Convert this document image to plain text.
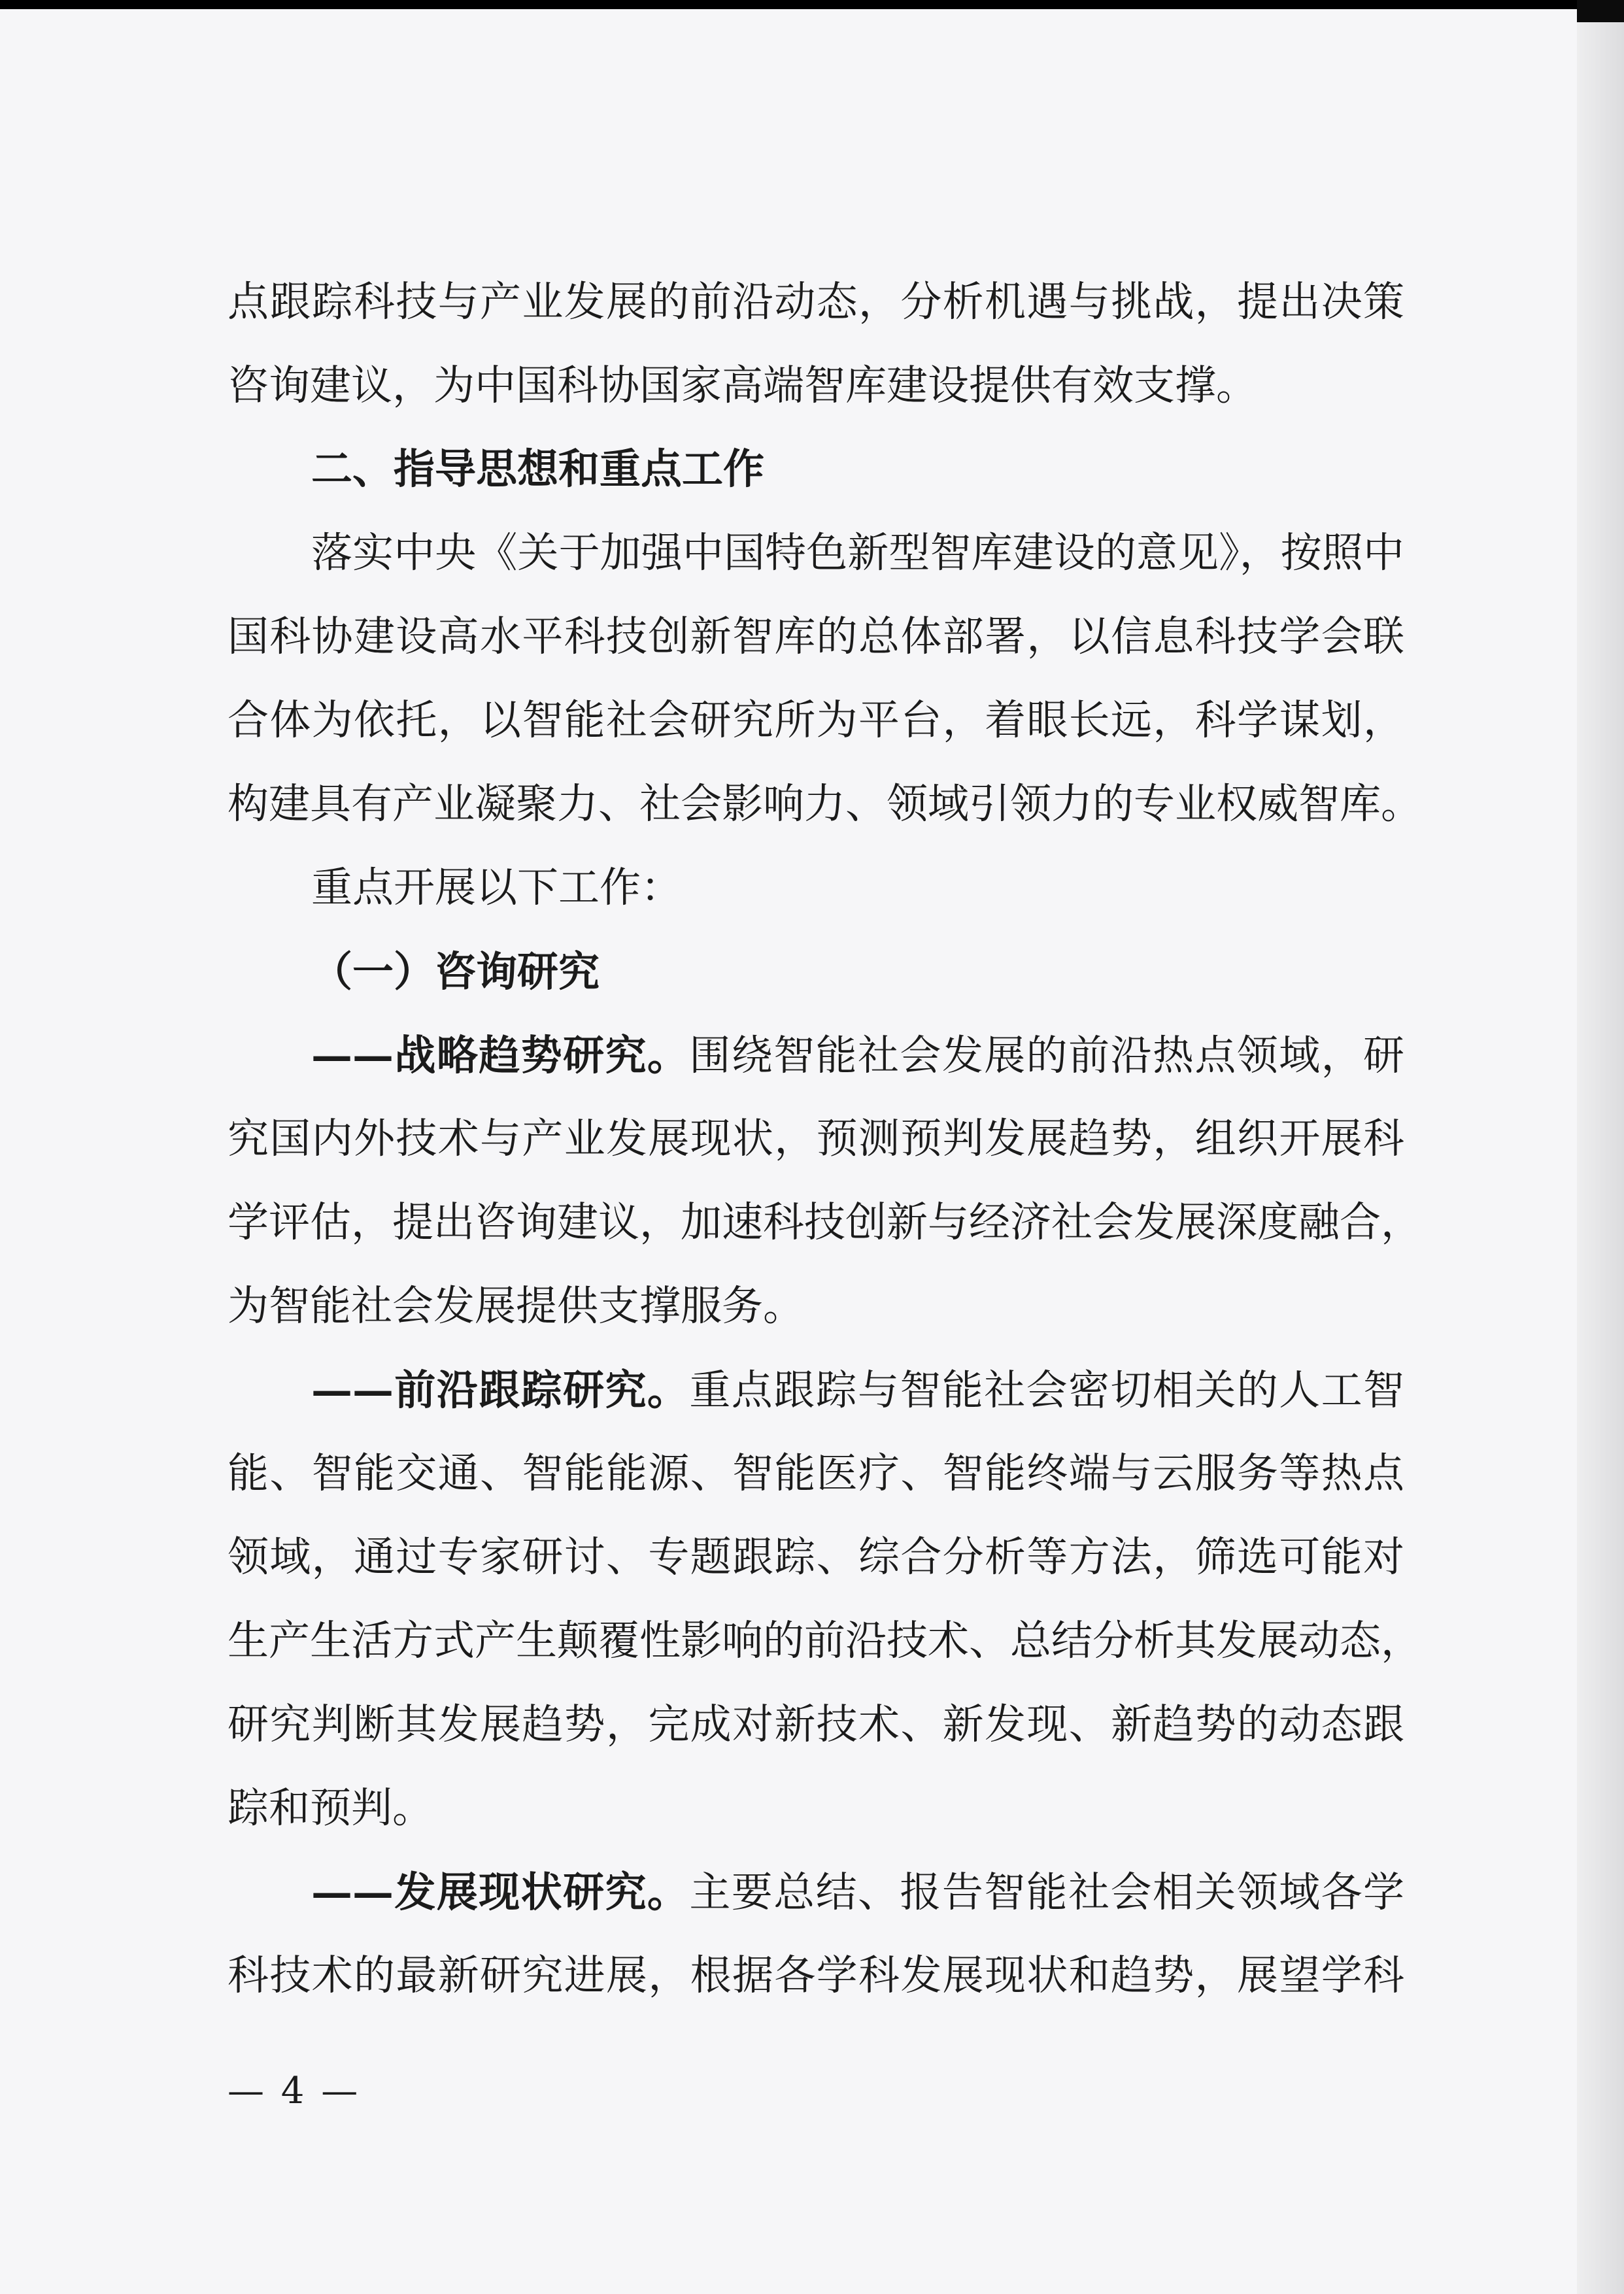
点跟踪科技与产业发展的前沿动态，分析机遇与挑战，提出决策
咨询建议，为中国科协国家高端智库建设提供有效支撑。
二、指导思想和重点工作
落实中央《关于加强中国特色新型智库建设的意见》，按照中
国科协建设高水平科技创新智库的总体部署，以信息科技学会联
合体为依托，以智能社会研究所为平台，着眼长远，科学谋划，
构建具有产业凝聚力、社会影响力、领域引领力的专业权威智库。
重点开展以下工作：
（一）咨询研究
——战略趋势研究。围绕智能社会发展的前沿热点领域，研
究国内外技术与产业发展现状，预测预判发展趋势，组织开展科
学评估，提出咨询建议，加速科技创新与经济社会发展深度融合，
为智能社会发展提供支撑服务。
——前沿跟踪研究。重点跟踪与智能社会密切相关的人工智
能、智能交通、智能能源、智能医疗、智能终端与云服务等热点
领域，通过专家研讨、专题跟踪、综合分析等方法，筛选可能对
生产生活方式产生颠覆性影响的前沿技术、总结分析其发展动态，
研究判断其发展趋势，完成对新技术、新发现、新趋势的动态跟
踪和预判。
——发展现状研究。主要总结、报告智能社会相关领域各学
科技术的最新研究进展，根据各学科发展现状和趋势，展望学科
— 4 —
